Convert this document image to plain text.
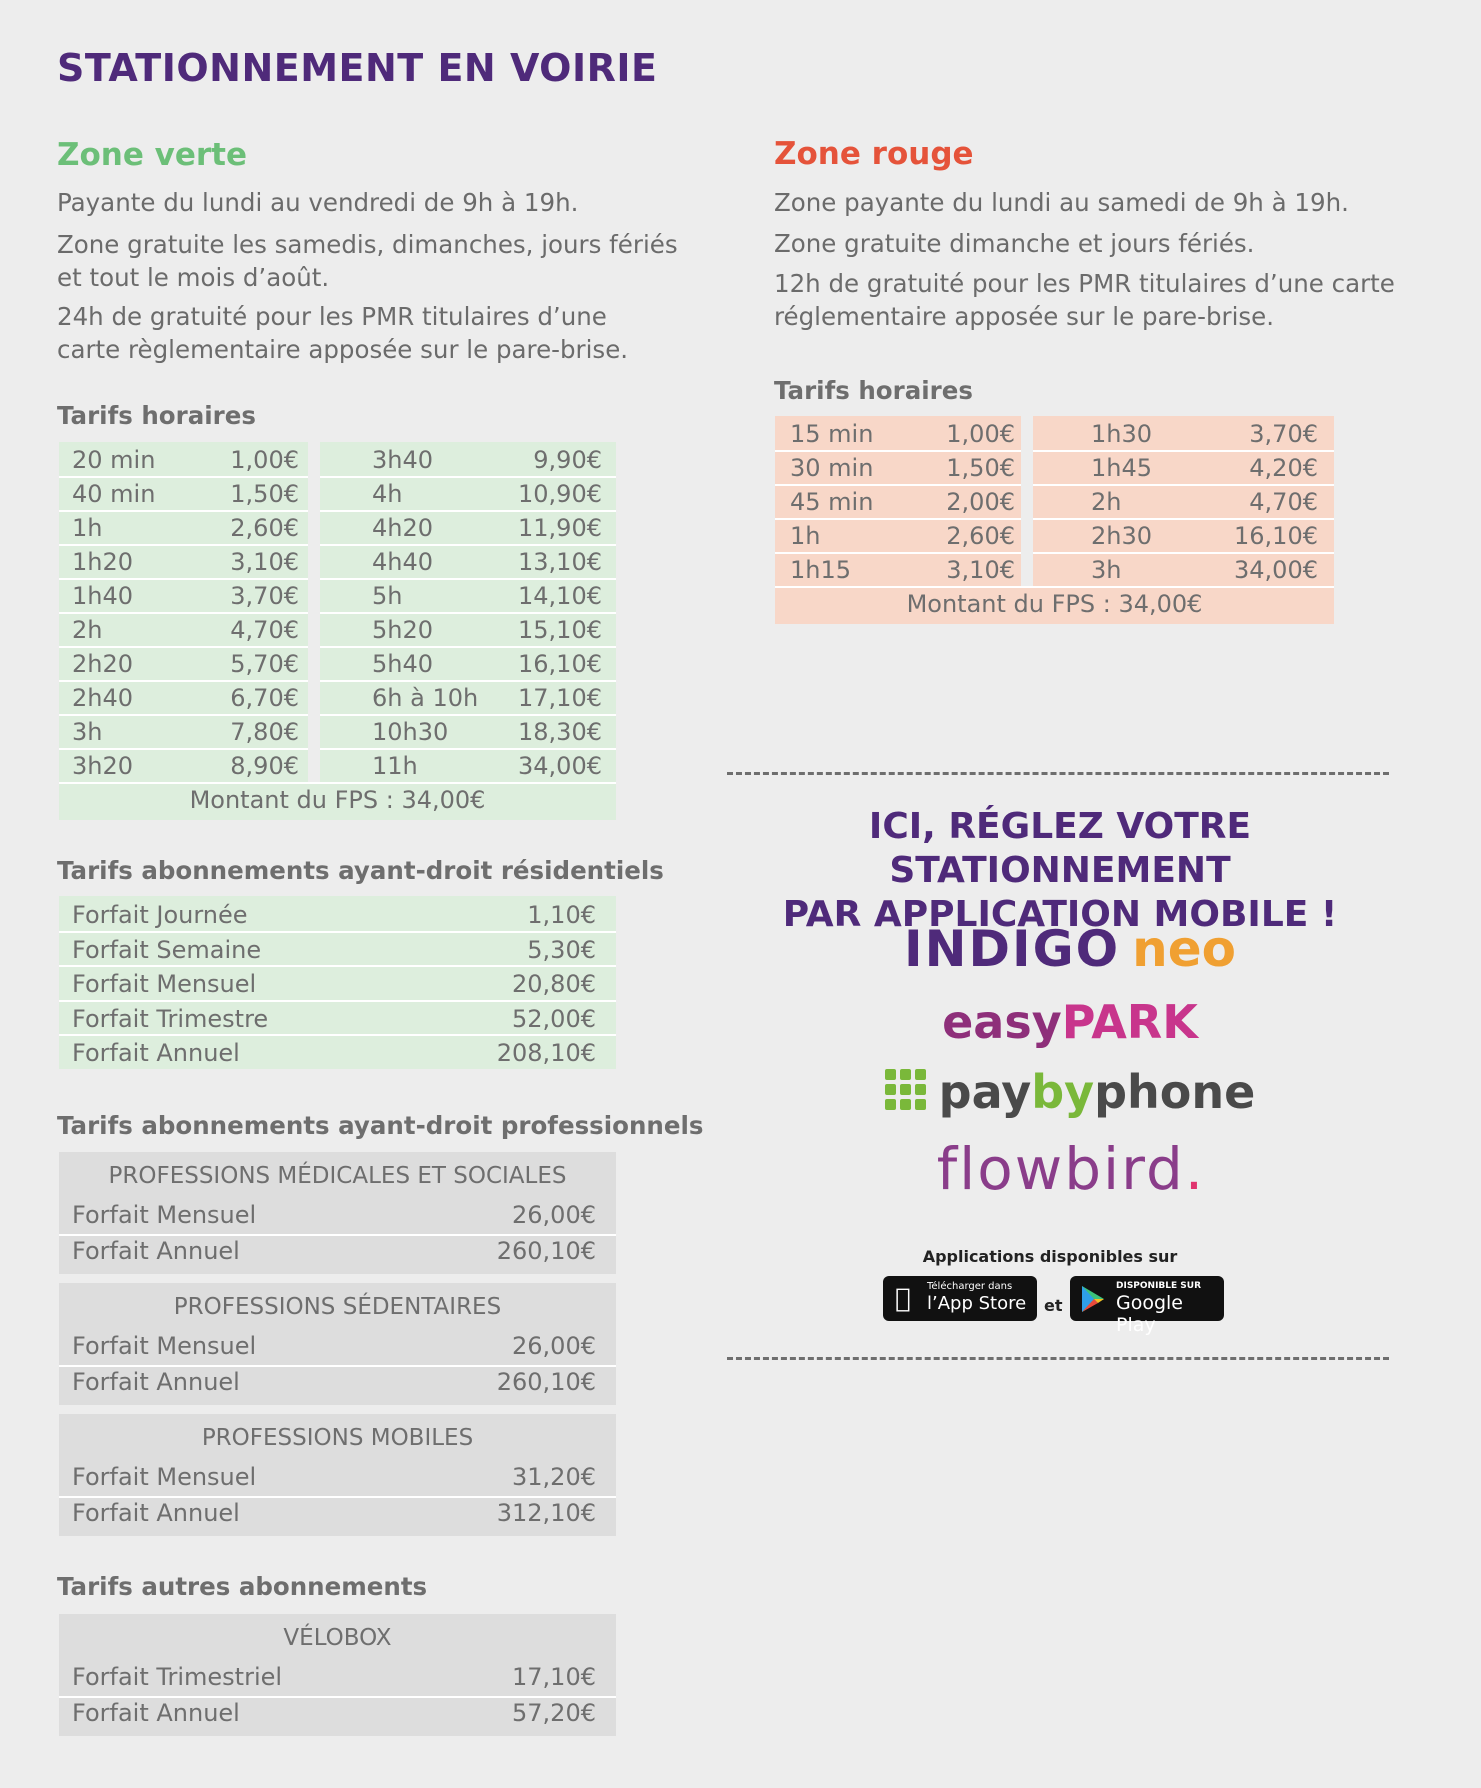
STATIONNEMENT EN VOIRIE
Zone verte
Payante du lundi au vendredi de 9h à 19h.
Zone gratuite les samedis, dimanches, jours fériés
et tout le mois d’août.
24h de gratuité pour les PMR titulaires d’une
carte règlementaire apposée sur le pare-brise.
Tarifs horaires
20 min	1,00€	3h40	9,90€
40 min	1,50€	4h	10,90€
1h	2,60€	4h20	11,90€
1h20	3,10€	4h40	13,10€
1h40	3,70€	5h	14,10€
2h	4,70€	5h20	15,10€
2h20	5,70€	5h40	16,10€
2h40	6,70€	6h à 10h	17,10€
3h	7,80€	10h30	18,30€
3h20	8,90€	11h	34,00€
Montant du FPS : 34,00€
Tarifs abonnements ayant-droit résidentiels
Forfait Journée	1,10€
Forfait Semaine	5,30€
Forfait Mensuel	20,80€
Forfait Trimestre	52,00€
Forfait Annuel	208,10€
Tarifs abonnements ayant-droit professionnels
PROFESSIONS MÉDICALES ET SOCIALES
Forfait Mensuel	26,00€
Forfait Annuel	260,10€
PROFESSIONS SÉDENTAIRES
Forfait Mensuel	26,00€
Forfait Annuel	260,10€
PROFESSIONS MOBILES
Forfait Mensuel	31,20€
Forfait Annuel	312,10€
Tarifs autres abonnements
VÉLOBOX
Forfait Trimestriel	17,10€
Forfait Annuel	57,20€
Zone rouge
Zone payante du lundi au samedi de 9h à 19h.
Zone gratuite dimanche et jours fériés.
12h de gratuité pour les PMR titulaires d’une carte
réglementaire apposée sur le pare-brise.
Tarifs horaires
15 min	1,00€	1h30	3,70€
30 min	1,50€	1h45	4,20€
45 min	2,00€	2h	4,70€
1h	2,60€	2h30	16,10€
1h15	3,10€	3h	34,00€
Montant du FPS : 34,00€
ICI, RÉGLEZ VOTRE STATIONNEMENT
PAR APPLICATION MOBILE !
INDIGO neo
easyPARK
paybyphone
flowbird.
Applications disponibles sur
Télécharger dans
l’App Store et
DISPONIBLE SUR
Google Play
